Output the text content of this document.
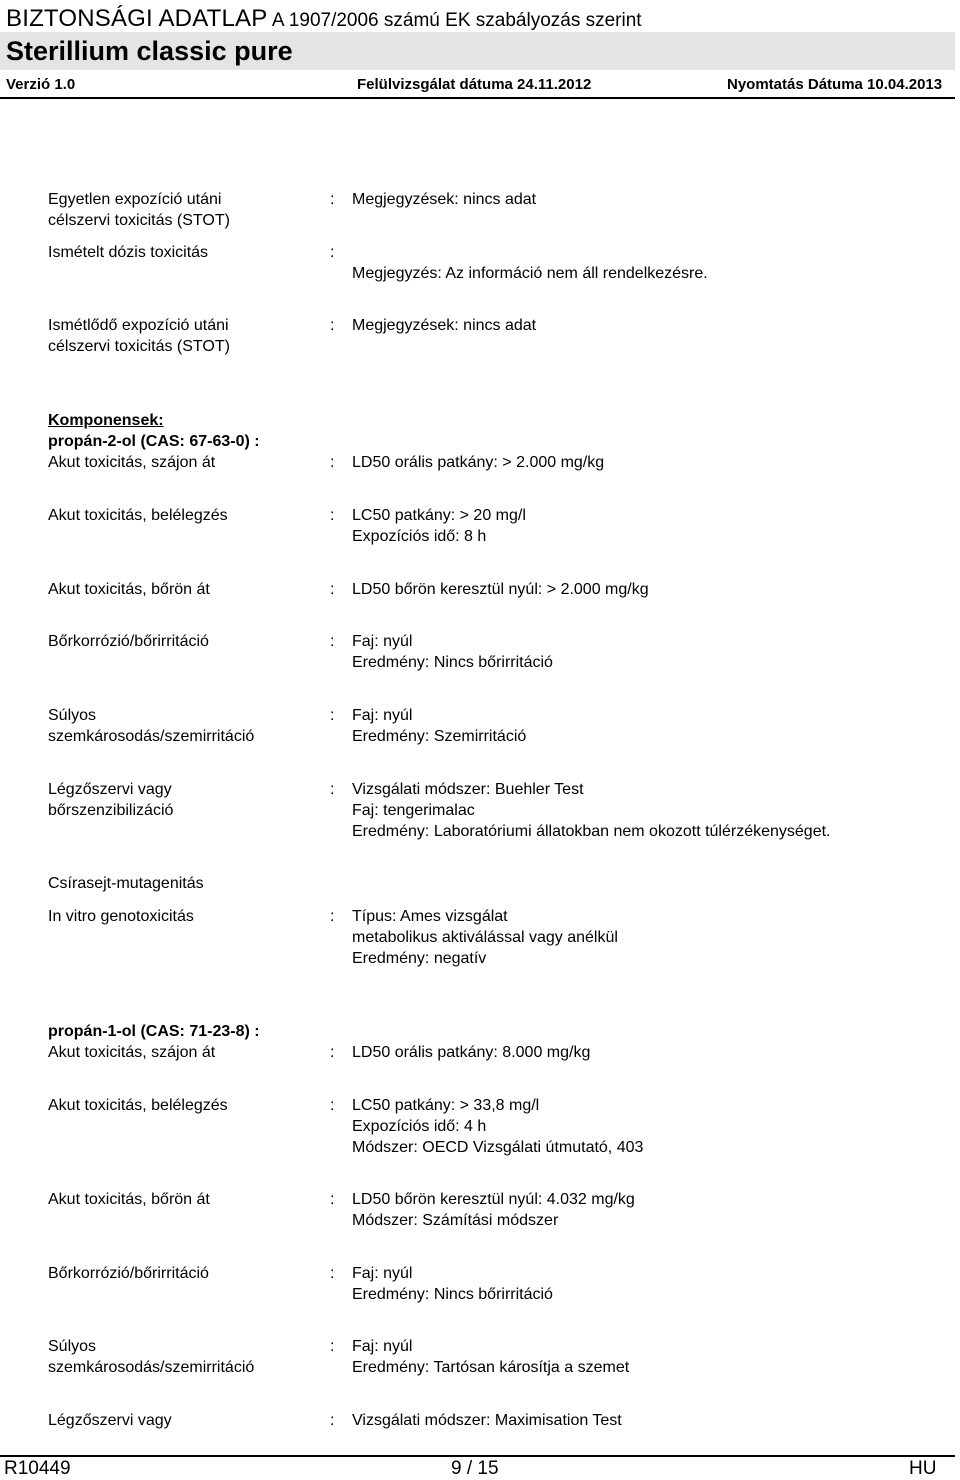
BIZTONSÁGI ADATLAP A 1907/2006 számú EK szabályozás szerint
Sterillium classic pure
Verzió 1.0	Felülvizsgálat dátuma 24.11.2012	Nyomtatás Dátuma 10.04.2013
Egyetlen expozíció utáni
célszervi toxicitás (STOT)
: Megjegyzések: nincs adat
Ismételt dózis toxicitás	:
Megjegyzés: Az információ nem áll rendelkezésre.
Ismétlődő expozíció utáni
célszervi toxicitás (STOT)
: Megjegyzések: nincs adat
Komponensek:
propán-2-ol (CAS: 67-63-0) :
Akut toxicitás, szájon át	: LD50 orális patkány: > 2.000 mg/kg
Akut toxicitás, belélegzés	: LC50 patkány: > 20 mg/l
Expozíciós idő: 8 h
Akut toxicitás, bőrön át	: LD50 bőrön keresztül nyúl: > 2.000 mg/kg
Bőrkorrózió/bőrirritáció	: Faj: nyúl
Eredmény: Nincs bőrirritáció
Súlyos
szemkárosodás/szemirritáció
: Faj: nyúl
Eredmény: Szemirritáció
Légzőszervi vagy
bőrszenzibilizáció
: Vizsgálati módszer: Buehler Test
Faj: tengerimalac
Eredmény: Laboratóriumi állatokban nem okozott túlérzékenységet.
Csírasejt-mutagenitás
In vitro genotoxicitás	: Típus: Ames vizsgálat
metabolikus aktiválással vagy anélkül
Eredmény: negatív
propán-1-ol (CAS: 71-23-8) :
Akut toxicitás, szájon át	: LD50 orális patkány: 8.000 mg/kg
Akut toxicitás, belélegzés	: LC50 patkány: > 33,8 mg/l
Expozíciós idő: 4 h
Módszer: OECD Vizsgálati útmutató, 403
Akut toxicitás, bőrön át	: LD50 bőrön keresztül nyúl: 4.032 mg/kg
Módszer: Számítási módszer
Bőrkorrózió/bőrirritáció	: Faj: nyúl
Eredmény: Nincs bőrirritáció
Súlyos
szemkárosodás/szemirritáció
: Faj: nyúl
Eredmény: Tartósan károsítja a szemet
Légzőszervi vagy	: Vizsgálati módszer: Maximisation Test
R10449	9 / 15	HU
